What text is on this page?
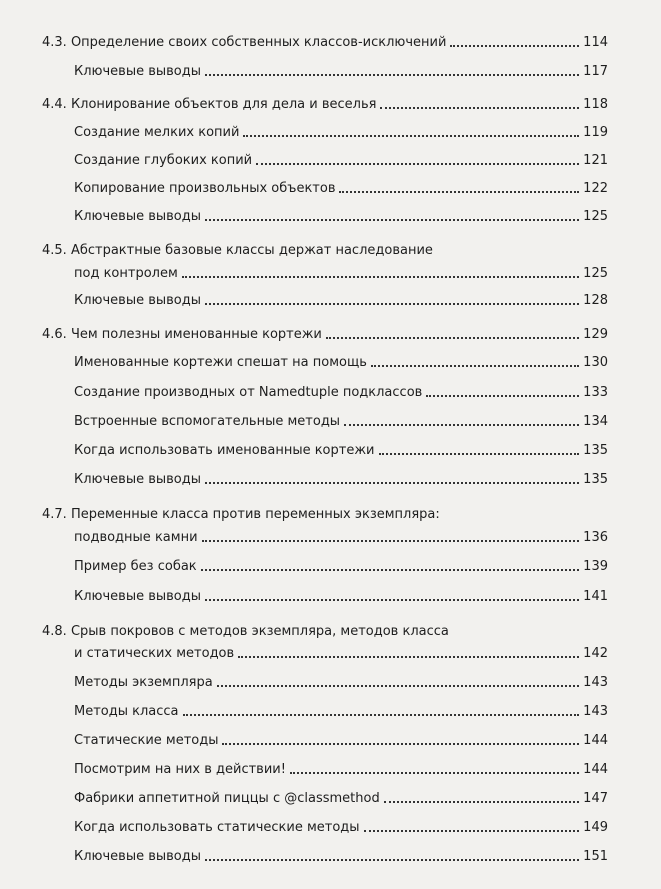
4.3. Определение своих собственных классов-исключений	114
Ключевые выводы	117
4.4. Клонирование объектов для дела и веселья	118
Создание мелких копий	119
Создание глубоких копий	121
Копирование произвольных объектов	122
Ключевые выводы	125
4.5. Абстрактные базовые классы держат наследование
под контролем	125
Ключевые выводы	128
4.6. Чем полезны именованные кортежи	129
Именованные кортежи спешат на помощь	130
Создание производных от Namedtuple подклассов	133
Встроенные вспомогательные методы	134
Когда использовать именованные кортежи	135
Ключевые выводы	135
4.7. Переменные класса против переменных экземпляра:
подводные камни	136
Пример без собак	139
Ключевые выводы	141
4.8. Срыв покровов с методов экземпляра, методов класса
и статических методов	142
Методы экземпляра	143
Методы класса	143
Статические методы	144
Посмотрим на них в действии!	144
Фабрики аппетитной пиццы с @classmethod	147
Когда использовать статические методы	149
Ключевые выводы	151
